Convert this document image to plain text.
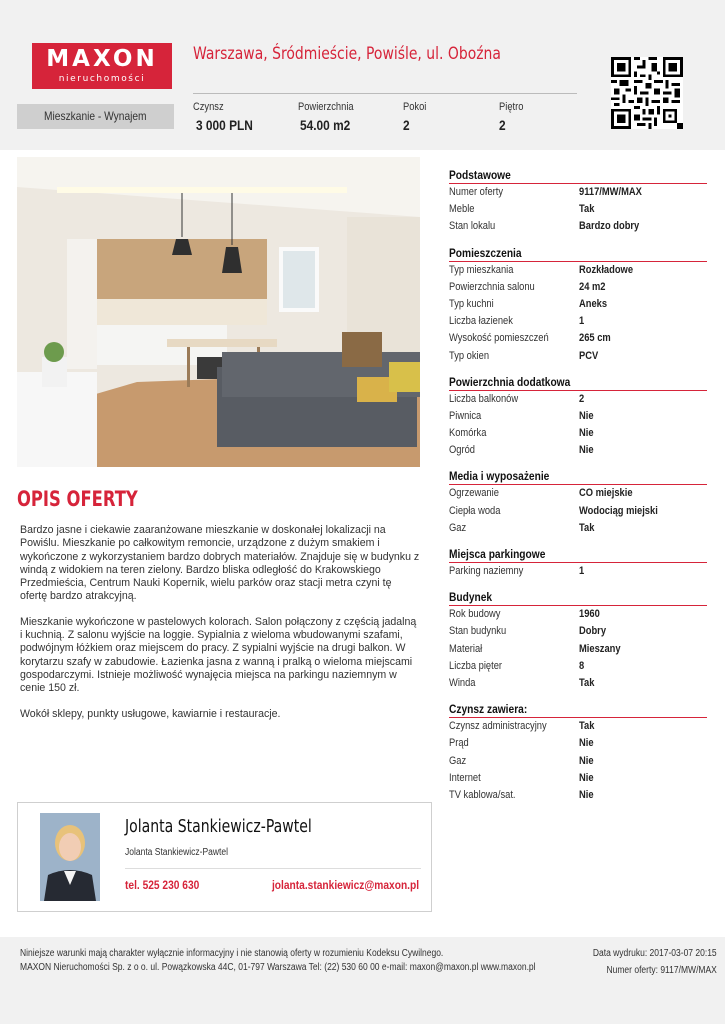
MAXON
nieruchomości
Warszawa, Śródmieście, Powiśle, ul. Oboźna
Mieszkanie - Wynajem
Czynsz
3 000 PLN
Powierzchnia
54.00 m2
Pokoi
2
Piętro
2
OPIS OFERTY

Bardzo jasne i ciekawie zaaranżowane mieszkanie w doskonałej lokalizacji na Powiślu. Mieszkanie po całkowitym remoncie, urządzone z dużym smakiem i wykończone z wykorzystaniem bardzo dobrych materiałów. Znajduje się w budynku z windą z widokiem na teren zielony. Bardzo bliska odległość do Krakowskiego Przedmieścia, Centrum Nauki Kopernik, wielu parków oraz stacji metra czyni tę ofertę bardzo atrakcyjną.

Mieszkanie wykończone w pastelowych kolorach. Salon połączony z częścią jadalną i kuchnią. Z salonu wyjście na loggie. Sypialnia z wieloma wbudowanymi szafami, podwójnym łóżkiem oraz miejscem do pracy. Z sypialni wyjście na drugi balkon. W korytarzu szafy w zabudowie. Łazienka jasna z wanną i pralką o wieloma miejscami gospodarczymi. Istnieje możliwość wynajęcia miejsca na parkingu naziemnym w cenie 150 zł.

Wokół sklepy, punkty usługowe, kawiarnie i restauracje.

Podstawowe
Numer oferty	9117/MW/MAX
Meble	Tak
Stan lokalu	Bardzo dobry
Pomieszczenia
Typ mieszkania	Rozkładowe
Powierzchnia salonu	24 m2
Typ kuchni	Aneks
Liczba łazienek	1
Wysokość pomieszczeń	265 cm
Typ okien	PCV
Powierzchnia dodatkowa
Liczba balkonów	2
Piwnica	Nie
Komórka	Nie
Ogród	Nie
Media i wyposażenie
Ogrzewanie	CO miejskie
Ciepła woda	Wodociąg miejski
Gaz	Tak
Miejsca parkingowe
Parking naziemny	1
Budynek
Rok budowy	1960
Stan budynku	Dobry
Materiał	Mieszany
Liczba pięter	8
Winda	Tak
Czynsz zawiera:
Czynsz administracyjny	Tak
Prąd	Nie
Gaz	Nie
Internet	Nie
TV kablowa/sat.	Nie
Jolanta Stankiewicz-Pawtel
Jolanta Stankiewicz-Pawtel
tel. 525 230 630	jolanta.stankiewicz@maxon.pl
Niniejsze warunki mają charakter wyłącznie informacyjny i nie stanowią oferty w rozumieniu Kodeksu Cywilnego.
MAXON Nieruchomości Sp. z o o. ul. Powązkowska 44C, 01-797 Warszawa Tel: (22) 530 60 00 e-mail: maxon@maxon.pl www.maxon.pl
Data wydruku: 2017-03-07 20:15
Numer oferty: 9117/MW/MAX
